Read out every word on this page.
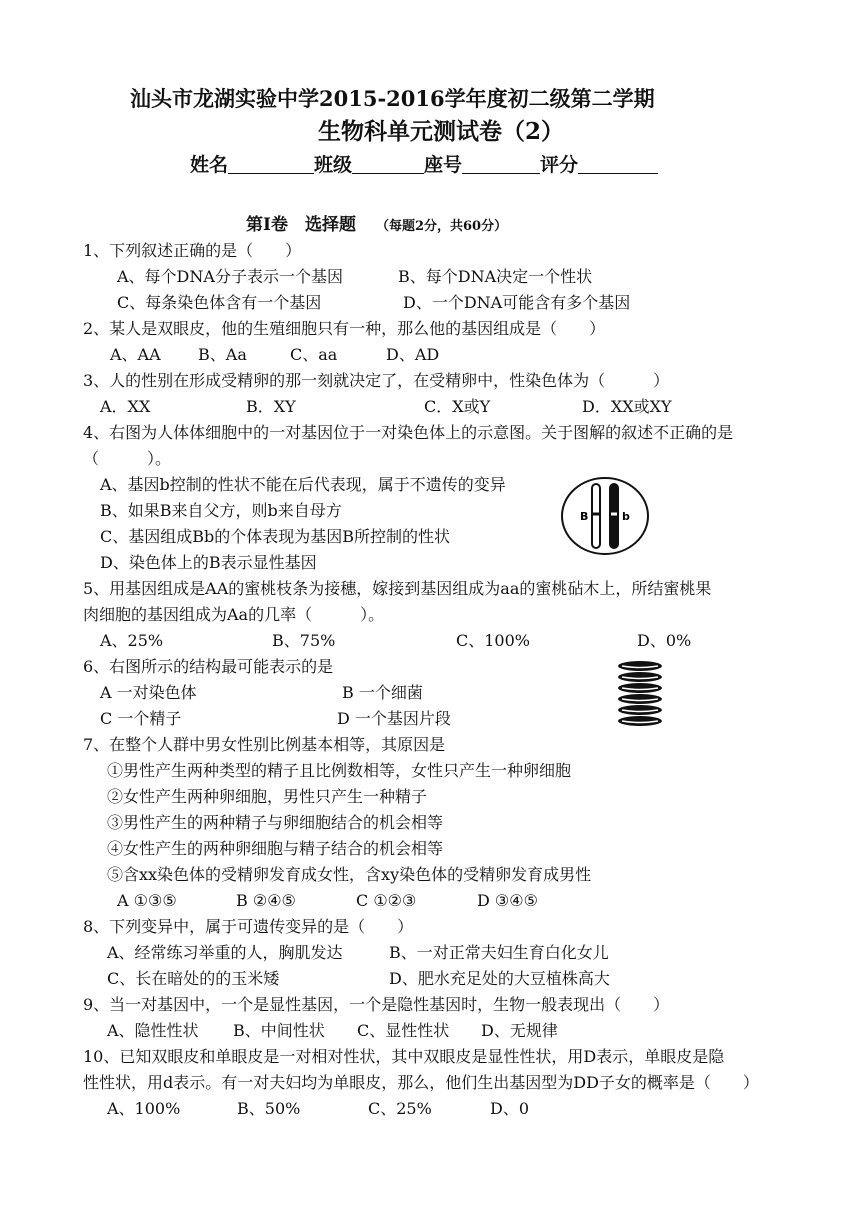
汕头市龙湖实验中学2015-2016学年度初二级第二学期
生物科单元测试卷（2）
姓名	班级	座号	评分
第Ⅰ卷　选择题 （每题2分，共60分）
1、下列叙述正确的是（　　）
A、每个DNA分子表示一个基因	B、每个DNA决定一个性状
C、每条染色体含有一个基因	D、一个DNA可能含有多个基因
2、某人是双眼皮，他的生殖细胞只有一种，那么他的基因组成是（　　）
A、AA B、Aa	C、aa	D、AD
3、人的性别在形成受精卵的那一刻就决定了，在受精卵中，性染色体为（　　　）
A．XX	B．XY	C．X或Y	D．XX或XY
4、右图为人体体细胞中的一对基因位于一对染色体上的示意图。关于图解的叙述不正确的是
（　　　）。
A、基因b控制的性状不能在后代表现，属于不遗传的变异
B、如果B来自父方，则b来自母方
C、基因组成Bb的个体表现为基因B所控制的性状
D、染色体上的B表示显性基因
B	b
5、用基因组成是AA的蜜桃枝条为接穗，嫁接到基因组成为aa的蜜桃砧木上，所结蜜桃果
肉细胞的基因组成为Aa的几率（　　　）。
A、25%	B、75%	C、100%	D、0%
6、右图所示的结构最可能表示的是
A 一对染色体	B 一个细菌
C 一个精子	D 一个基因片段
7、在整个人群中男女性别比例基本相等，其原因是
①男性产生两种类型的精子且比例数相等，女性只产生一种卵细胞
②女性产生两种卵细胞，男性只产生一种精子
③男性产生的两种精子与卵细胞结合的机会相等
④女性产生的两种卵细胞与精子结合的机会相等
⑤含xx染色体的受精卵发育成女性，含xy染色体的受精卵发育成男性
A ①③⑤	B ②④⑤	C ①②③	D ③④⑤
8、下列变异中，属于可遗传变异的是（　　）
A、经常练习举重的人，胸肌发达	B、一对正常夫妇生育白化女儿
C、长在暗处的的玉米矮	D、肥水充足处的大豆植株高大
9、当一对基因中，一个是显性基因，一个是隐性基因时，生物一般表现出（　　）
A、隐性性状 B、中间性状 C、显性性状 D、无规律
10、已知双眼皮和单眼皮是一对相对性状，其中双眼皮是显性性状，用D表示，单眼皮是隐
性性状，用d表示。有一对夫妇均为单眼皮，那么，他们生出基因型为DD子女的概率是（　　）
A、100%	B、50%	C、25%	D、0
